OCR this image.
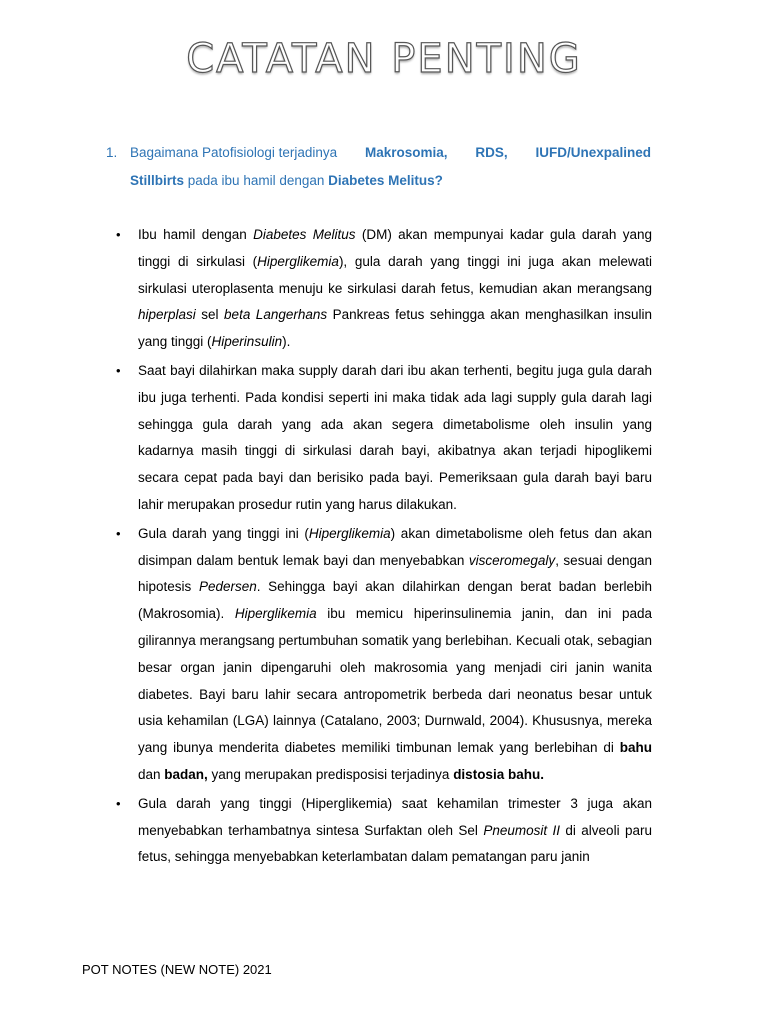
CATATAN PENTING
1. Bagaimana Patofisiologi terjadinya Makrosomia, RDS, IUFD/Unexpalined
Stillbirts pada ibu hamil dengan Diabetes Melitus?
• Ibu hamil dengan Diabetes Melitus (DM) akan mempunyai kadar gula darah yang tinggi di sirkulasi (Hiperglikemia), gula darah yang tinggi ini juga akan melewati sirkulasi uteroplasenta menuju ke sirkulasi darah fetus, kemudian akan merangsang hiperplasi sel beta Langerhans Pankreas fetus sehingga akan menghasilkan insulin yang tinggi (Hiperinsulin).
• Saat bayi dilahirkan maka supply darah dari ibu akan terhenti, begitu juga gula darah ibu juga terhenti. Pada kondisi seperti ini maka tidak ada lagi supply gula darah lagi sehingga gula darah yang ada akan segera dimetabolisme oleh insulin yang kadarnya masih tinggi di sirkulasi darah bayi, akibatnya akan terjadi hipoglikemi secara cepat pada bayi dan berisiko pada bayi. Pemeriksaan gula darah bayi baru lahir merupakan prosedur rutin yang harus dilakukan.
• Gula darah yang tinggi ini (Hiperglikemia) akan dimetabolisme oleh fetus dan akan disimpan dalam bentuk lemak bayi dan menyebabkan visceromegaly, sesuai dengan hipotesis Pedersen. Sehingga bayi akan dilahirkan dengan berat badan berlebih (Makrosomia). Hiperglikemia ibu memicu hiperinsulinemia janin, dan ini pada gilirannya merangsang pertumbuhan somatik yang berlebihan. Kecuali otak, sebagian besar organ janin dipengaruhi oleh makrosomia yang menjadi ciri janin wanita diabetes. Bayi baru lahir secara antropometrik berbeda dari neonatus besar untuk usia kehamilan (LGA) lainnya (Catalano, 2003; Durnwald, 2004). Khususnya, mereka yang ibunya menderita diabetes memiliki timbunan lemak yang berlebihan di bahu dan badan, yang merupakan predisposisi terjadinya distosia bahu.
• Gula darah yang tinggi (Hiperglikemia) saat kehamilan trimester 3 juga akan menyebabkan terhambatnya sintesa Surfaktan oleh Sel Pneumosit II di alveoli paru fetus, sehingga menyebabkan keterlambatan dalam pematangan paru janin
POT NOTES (NEW NOTE) 2021
